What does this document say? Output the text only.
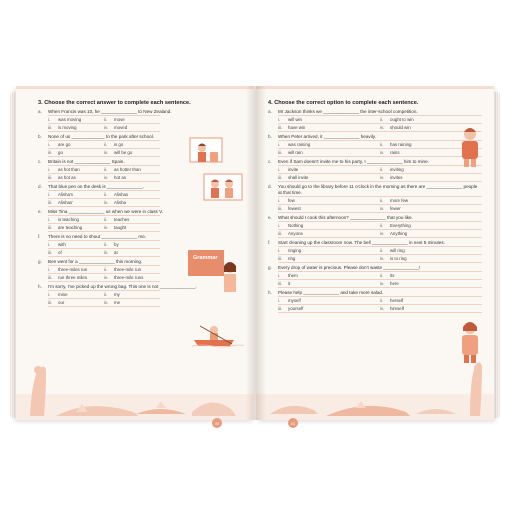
3. Choose the correct answer to complete each sentence.
a.	When Francis was 10, he ______________ to New Zealand.
i.	was moving	ii.	move
iii.	is moving	iv.	moved
b.	None of us _____________ to the park after school.
i.	are go	ii.	is go
iii.	go	iv.	will be go
c.	Britain is not ______________ Spain.
i.	as hot than	ii.	as hotter than
iii.	as hot as	iv.	hot as
d.	That blue pen on the desk is ______________.
i.	Alisha's	ii.	Alishas
iii.	Alishas'	iv.	Alisha
e.	Miss Tina ______________ us when we were in class V.
i.	is teaching	ii.	teaches
iii.	are teaching	iv.	taught
f.	There is no need to shout ______________ me.
i.	with	ii.	by
iii.	of	iv.	at
g.	Ben went for a ______________ this morning.
i.	three-miles run	ii.	three-mile run
iii.	run three miles	iv.	three-mile runs
h.	I'm sorry, I've picked up the wrong bag. This one is not ______________.
i.	mine	ii.	my
iii.	our	iv.	me
Grammar
40
4. Choose the correct option to complete each sentence.
a.	Mr Jackson thinks we ______________ the inter-school competition.
i.	will win	ii.	ought to win
iii.	have win	iv.	should win
b.	When Peter arrived, it ______________ heavily.
i.	was raining	ii.	has raining
iii.	will rain	iv.	rains
c.	Even if Sam doesn't invite me to his party, I ______________ him to mine.
i.	invite	ii.	inviting
iii.	shall invite	iv.	invites
d.	You should go to the library before 11 o'clock in the morning as there are ______________ people at that time.
i.	few	ii.	more few
iii.	fewest	iv.	fewer
e.	What should I cook this afternoon? ______________ that you like.
i.	Nothing	ii.	Everything
iii.	Anyone	iv.	Anything
f.	Start cleaning up the classroom now. The bell ______________ in next 5 minutes.
i.	ringing	ii.	will ring
iii.	ring	iv.	is to ring
g.	Every drop of water is precious. Please don't waste ______________!
i.	them	ii.	its
iii.	it	iv.	here
h.	Please help ______________ and take more salad.
i.	myself	ii.	herself
iii.	yourself	iv.	himself
41
